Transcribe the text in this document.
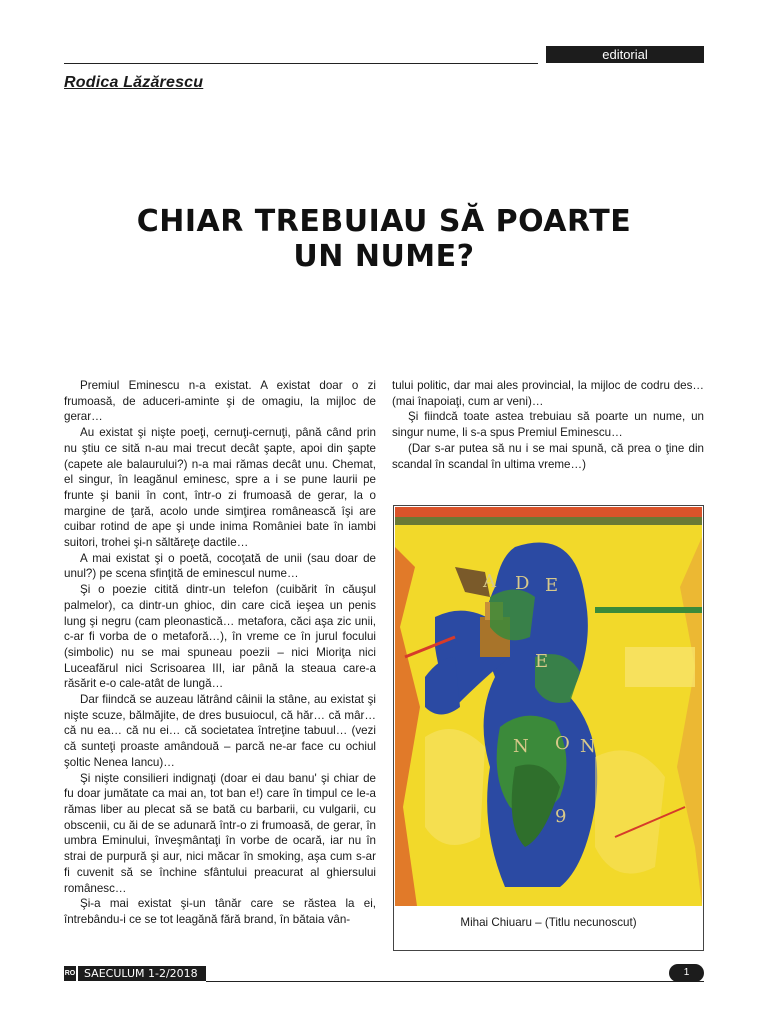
editorial
Rodica Lăzărescu
CHIAR TREBUIAU SĂ POARTE
UN NUME?

Premiul Eminescu n-a existat. A existat doar o zi frumoasă, de aduceri-aminte şi de omagiu, la mijloc de gerar…

Au existat şi nişte poeţi, cernuţi-cernuţi, până când prin nu ştiu ce sită n-au mai trecut decât şapte, apoi din şapte (capete ale balaurului?) n-a mai rămas decât unu. Chemat, el singur, în leagănul eminesc, spre a i se pune laurii pe frunte şi banii în cont, într-o zi frumoasă de gerar, la o margine de ţară, acolo unde simţirea românească îşi are cuibar rotind de ape şi unde inima României bate în iambi suitori, trohei şi-n săltăreţe dactile…

A mai existat şi o poetă, cocoţată de unii (sau doar de unul?) pe scena sfinţită de eminescul nume…

Şi o poezie citită dintr-un telefon (cuibărit în căuşul palmelor), ca dintr-un ghioc, din care cică ieşea un penis lung şi negru (cam pleonastică… metafora, căci aşa zic unii, c-ar fi vorba de o metaforă…), în vreme ce în jurul focului (simbolic) nu se mai spuneau poezii – nici Mioriţa nici Luceafărul nici Scrisoarea III, iar până la steaua care-a răsărit e-o cale-atât de lungă…

Dar fiindcă se auzeau lătrând câinii la stâne, au existat şi nişte scuze, bălmăjite, de dres busuiocul, că hăr… că mâr… că nu ea… că nu ei… că societatea întreţine tabuul… (vezi că sunteţi proaste amândouă – parcă ne-ar face cu ochiul şoltic Nenea Iancu)…

Şi nişte consilieri indignaţi (doar ei dau banu' şi chiar de fu doar jumătate ca mai an, tot ban e!) care în timpul ce le-a rămas liber au plecat să se bată cu barbarii, cu vulgarii, cu obscenii, cu ăi de se adunară într-o zi frumoasă, de gerar, în umbra Eminului, înveşmântaţi în vorbe de ocară, iar nu în strai de purpură şi aur, nici măcar în smoking, aşa cum s-ar fi cuvenit să se închine sfântului preacurat al ghiersului românesc…

Şi-a mai existat şi-un tânăr care se răstea la ei, întrebându-i ce se tot leagănă fără brand, în bătaia vân-

tului politic, dar mai ales provincial, la mijloc de codru des… (mai înapoiaţi, cum ar veni)…

Şi fiindcă toate astea trebuiau să poarte un nume, un singur nume, li s-a spus Premiul Eminescu…

(Dar s-ar putea să nu i se mai spună, că prea o ţine din scandal în scandal în ultima vreme…)

A D E
E
N O N
9
Mihai Chiuaru – (Titlu necunoscut)
RO SAECULUM 1-2/2018	1
